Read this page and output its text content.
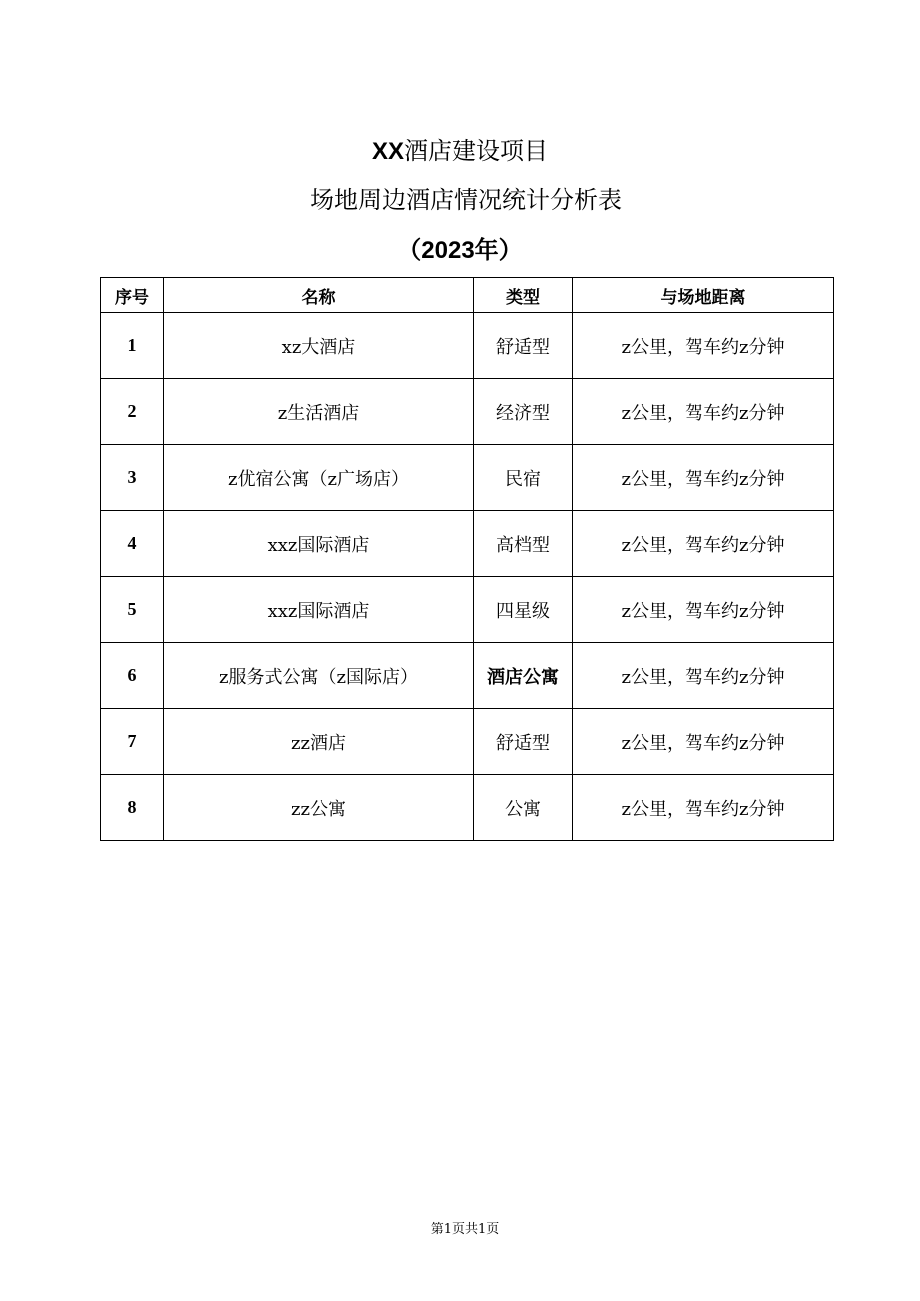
XX酒店建设项目
场地周边酒店情况统计分析表
（2023年）
序号	名称	类型	与场地距离
1	xz大酒店	舒适型	z公里，驾车约z分钟
2	z生活酒店	经济型	z公里，驾车约z分钟
3	z优宿公寓（z广场店）	民宿	z公里，驾车约z分钟
4	xxz国际酒店	高档型	z公里，驾车约z分钟
5	xxz国际酒店	四星级	z公里，驾车约z分钟
6	z服务式公寓（z国际店）	酒店公寓	z公里，驾车约z分钟
7	zz酒店	舒适型	z公里，驾车约z分钟
8	zz公寓	公寓	z公里，驾车约z分钟
第1页共1页
